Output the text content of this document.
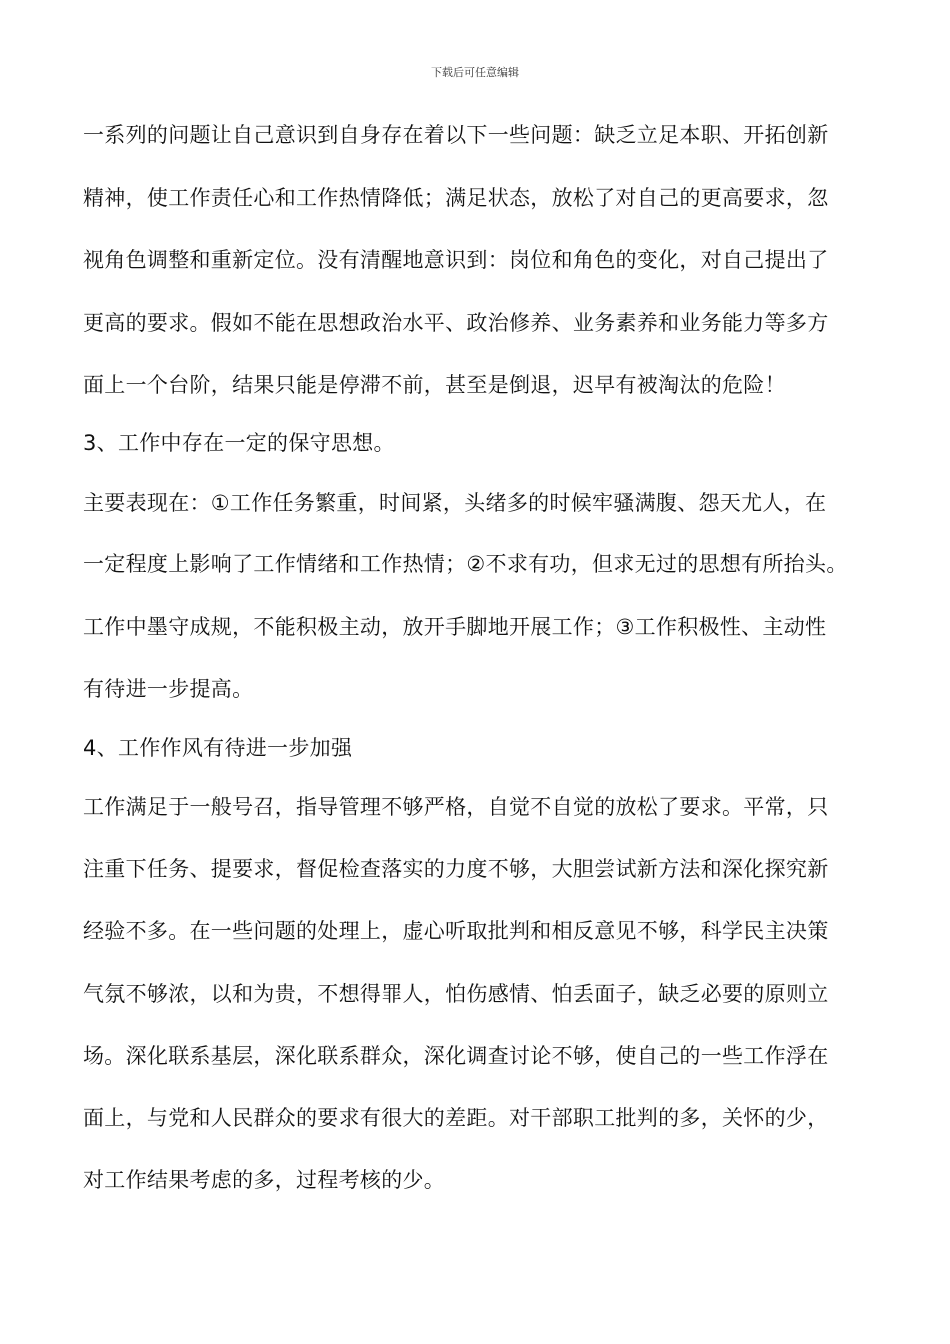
下载后可任意编辑
一系列的问题让自己意识到自身存在着以下一些问题：缺乏立足本职、开拓创新
精神，使工作责任心和工作热情降低；满足状态，放松了对自己的更高要求，忽
视角色调整和重新定位。没有清醒地意识到：岗位和角色的变化，对自己提出了
更高的要求。假如不能在思想政治水平、政治修养、业务素养和业务能力等多方
面上一个台阶，结果只能是停滞不前，甚至是倒退，迟早有被淘汰的危险！
3、工作中存在一定的保守思想。
主要表现在：①工作任务繁重，时间紧，头绪多的时候牢骚满腹、怨天尤人，在
一定程度上影响了工作情绪和工作热情；②不求有功，但求无过的思想有所抬头。
工作中墨守成规，不能积极主动，放开手脚地开展工作；③工作积极性、主动性
有待进一步提高。
4、工作作风有待进一步加强
工作满足于一般号召，指导管理不够严格，自觉不自觉的放松了要求。平常，只
注重下任务、提要求，督促检查落实的力度不够，大胆尝试新方法和深化探究新
经验不多。在一些问题的处理上，虚心听取批判和相反意见不够，科学民主决策
气氛不够浓，以和为贵，不想得罪人，怕伤感情、怕丢面子，缺乏必要的原则立
场。深化联系基层，深化联系群众，深化调查讨论不够，使自己的一些工作浮在
面上，与党和人民群众的要求有很大的差距。对干部职工批判的多，关怀的少，
对工作结果考虑的多，过程考核的少。
